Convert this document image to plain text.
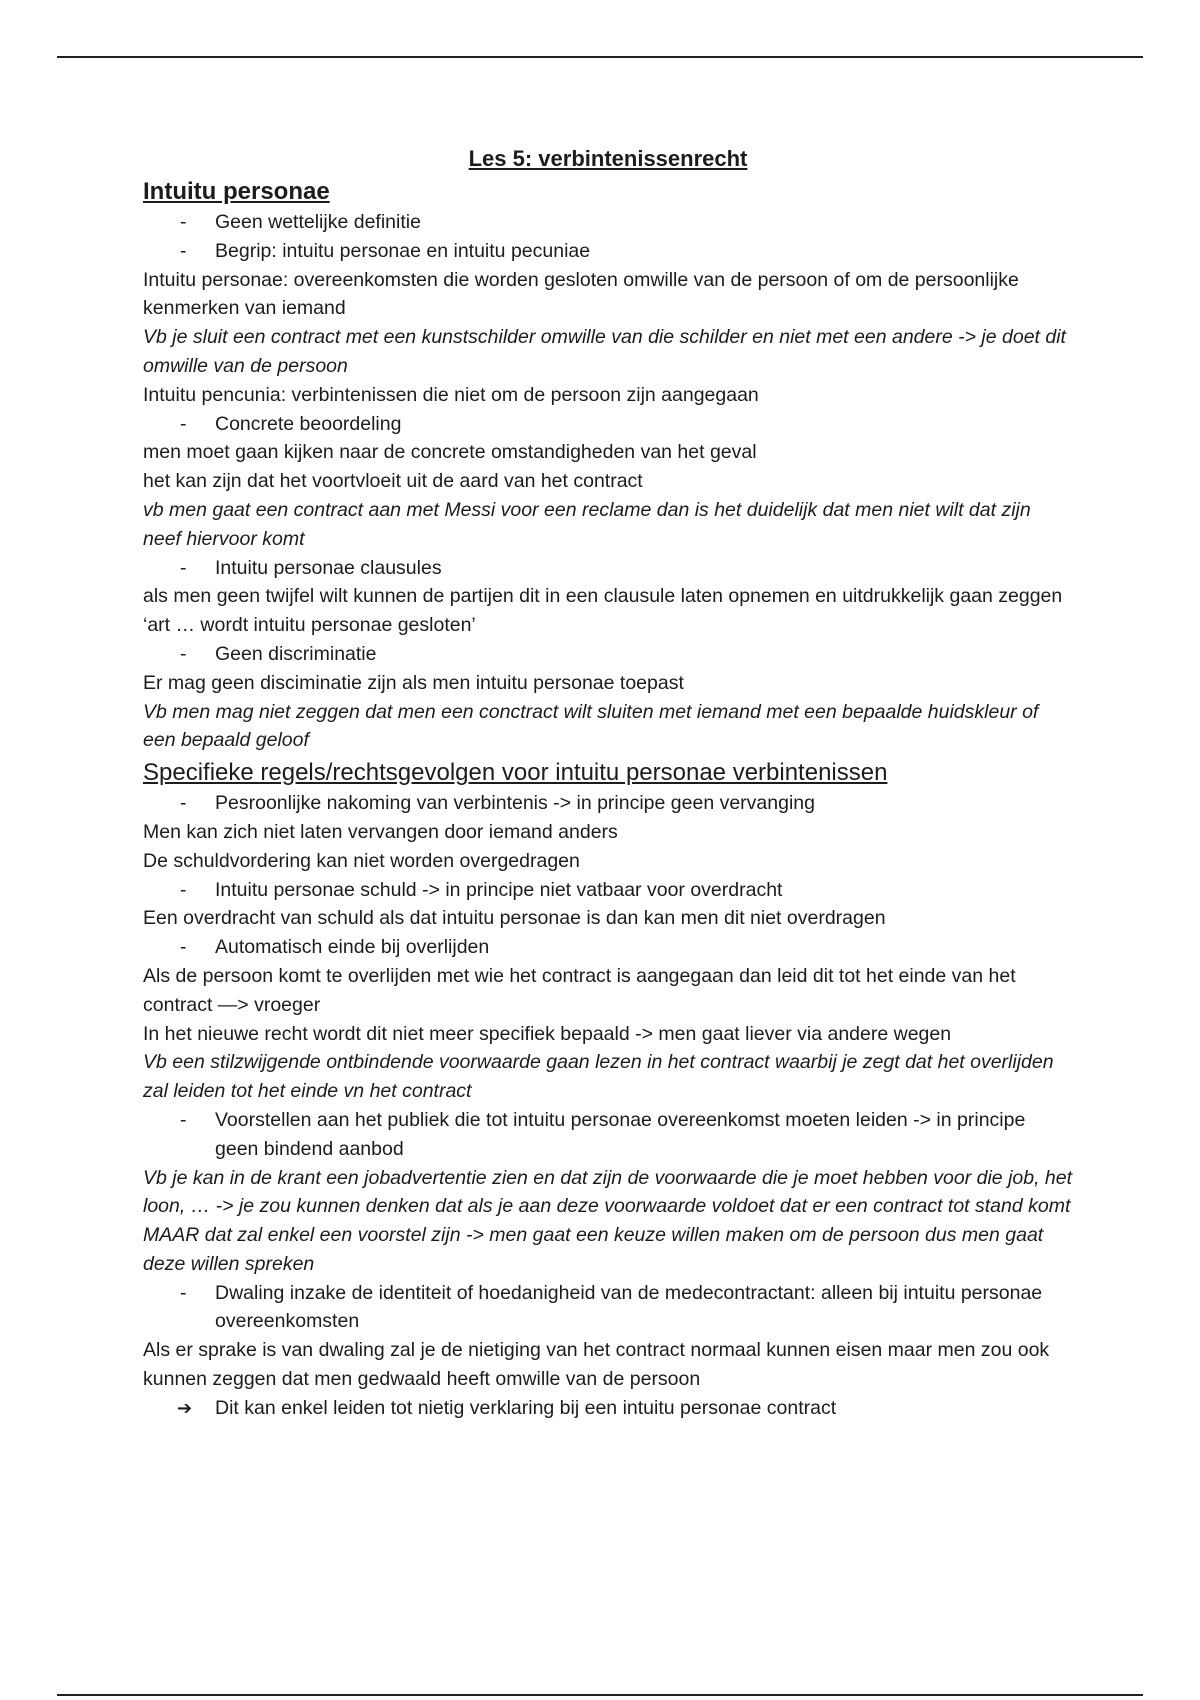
Les 5: verbintenissenrecht
Intuitu personae
- Geen wettelijke definitie
- Begrip: intuitu personae en intuitu pecuniae

Intuitu personae: overeenkomsten die worden gesloten omwille van de persoon of om de persoonlijke kenmerken van iemand

Vb je sluit een contract met een kunstschilder omwille van die schilder en niet met een andere -> je doet dit omwille van de persoon

Intuitu pencunia: verbintenissen die niet om de persoon zijn aangegaan

- Concrete beoordeling

men moet gaan kijken naar de concrete omstandigheden van het geval

het kan zijn dat het voortvloeit uit de aard van het contract

vb men gaat een contract aan met Messi voor een reclame dan is het duidelijk dat men niet wilt dat zijn neef hiervoor komt

- Intuitu personae clausules

als men geen twijfel wilt kunnen de partijen dit in een clausule laten opnemen en uitdrukkelijk gaan zeggen ‘art … wordt intuitu personae gesloten’

- Geen discriminatie

Er mag geen disciminatie zijn als men intuitu personae toepast

Vb men mag niet zeggen dat men een conctract wilt sluiten met iemand met een bepaalde huidskleur of een bepaald geloof

Specifieke regels/rechtsgevolgen voor intuitu personae verbintenissen
- Pesroonlijke nakoming van verbintenis -> in principe geen vervanging

Men kan zich niet laten vervangen door iemand anders

De schuldvordering kan niet worden overgedragen

- Intuitu personae schuld -> in principe niet vatbaar voor overdracht

Een overdracht van schuld als dat intuitu personae is dan kan men dit niet overdragen

- Automatisch einde bij overlijden

Als de persoon komt te overlijden met wie het contract is aangegaan dan leid dit tot het einde van het contract —> vroeger

In het nieuwe recht wordt dit niet meer specifiek bepaald -> men gaat liever via andere wegen

Vb een stilzwijgende ontbindende voorwaarde gaan lezen in het contract waarbij je zegt dat het overlijden zal leiden tot het einde vn het contract

- Voorstellen aan het publiek die tot intuitu personae overeenkomst moeten leiden -> in principe geen bindend aanbod

Vb je kan in de krant een jobadvertentie zien en dat zijn de voorwaarde die je moet hebben voor die job, het loon, … -> je zou kunnen denken dat als je aan deze voorwaarde voldoet dat er een contract tot stand komt MAAR dat zal enkel een voorstel zijn -> men gaat een keuze willen maken om de persoon dus men gaat deze willen spreken

- Dwaling inzake de identiteit of hoedanigheid van de medecontractant: alleen bij intuitu personae overeenkomsten

Als er sprake is van dwaling zal je de nietiging van het contract normaal kunnen eisen maar men zou ook kunnen zeggen dat men gedwaald heeft omwille van de persoon

➔ Dit kan enkel leiden tot nietig verklaring bij een intuitu personae contract
